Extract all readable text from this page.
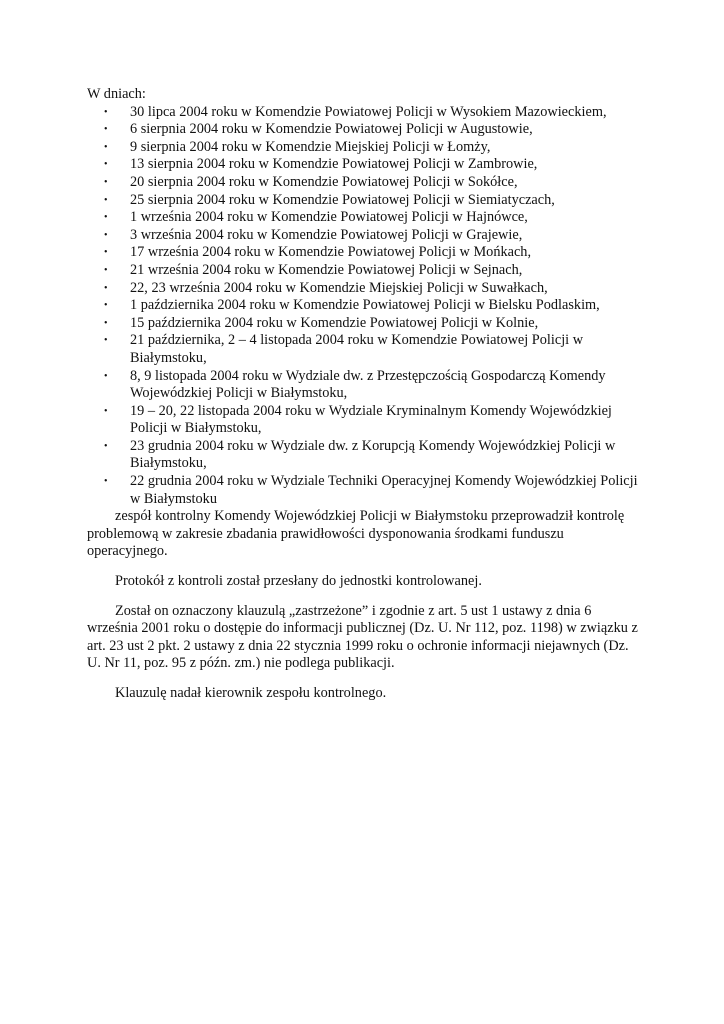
W dniach:

• 30 lipca 2004 roku w Komendzie Powiatowej Policji w Wysokiem Mazowieckiem,
• 6 sierpnia 2004 roku w Komendzie Powiatowej Policji w Augustowie,
• 9 sierpnia 2004 roku w Komendzie Miejskiej Policji w Łomży,
• 13 sierpnia 2004 roku w Komendzie Powiatowej Policji w Zambrowie,
• 20 sierpnia 2004 roku w Komendzie Powiatowej Policji w Sokółce,
• 25 sierpnia 2004 roku w Komendzie Powiatowej Policji w Siemiatyczach,
• 1 września 2004 roku w Komendzie Powiatowej Policji w Hajnówce,
• 3 września 2004 roku w Komendzie Powiatowej Policji w Grajewie,
• 17 września 2004 roku w Komendzie Powiatowej Policji w Mońkach,
• 21 września 2004 roku w Komendzie Powiatowej Policji w Sejnach,
• 22, 23 września 2004 roku w Komendzie Miejskiej Policji w Suwałkach,
• 1 października 2004 roku w Komendzie Powiatowej Policji w Bielsku Podlaskim,
• 15 października 2004 roku w Komendzie Powiatowej Policji w Kolnie,
• 21 października, 2 – 4 listopada 2004 roku w Komendzie Powiatowej Policji w Białymstoku,
• 8, 9 listopada 2004 roku w Wydziale dw. z Przestępczością Gospodarczą Komendy Wojewódzkiej Policji w Białymstoku,
• 19 – 20, 22 listopada 2004 roku w Wydziale Kryminalnym Komendy Wojewódzkiej Policji w Białymstoku,
• 23 grudnia 2004 roku w Wydziale dw. z Korupcją Komendy Wojewódzkiej Policji w Białymstoku,
• 22 grudnia 2004 roku w Wydziale Techniki Operacyjnej Komendy Wojewódzkiej Policji w Białymstoku

zespół kontrolny Komendy Wojewódzkiej Policji w Białymstoku przeprowadził kontrolę problemową w zakresie zbadania prawidłowości dysponowania środkami funduszu operacyjnego.

Protokół z kontroli został przesłany do jednostki kontrolowanej.

Został on oznaczony klauzulą „zastrzeżone” i zgodnie z art. 5 ust 1 ustawy z dnia 6 września 2001 roku o dostępie do informacji publicznej (Dz. U. Nr 112, poz. 1198) w związku z art. 23 ust 2 pkt. 2 ustawy z dnia 22 stycznia 1999 roku o ochronie informacji niejawnych (Dz. U. Nr 11, poz. 95 z późn. zm.) nie podlega publikacji.

Klauzulę nadał kierownik zespołu kontrolnego.
